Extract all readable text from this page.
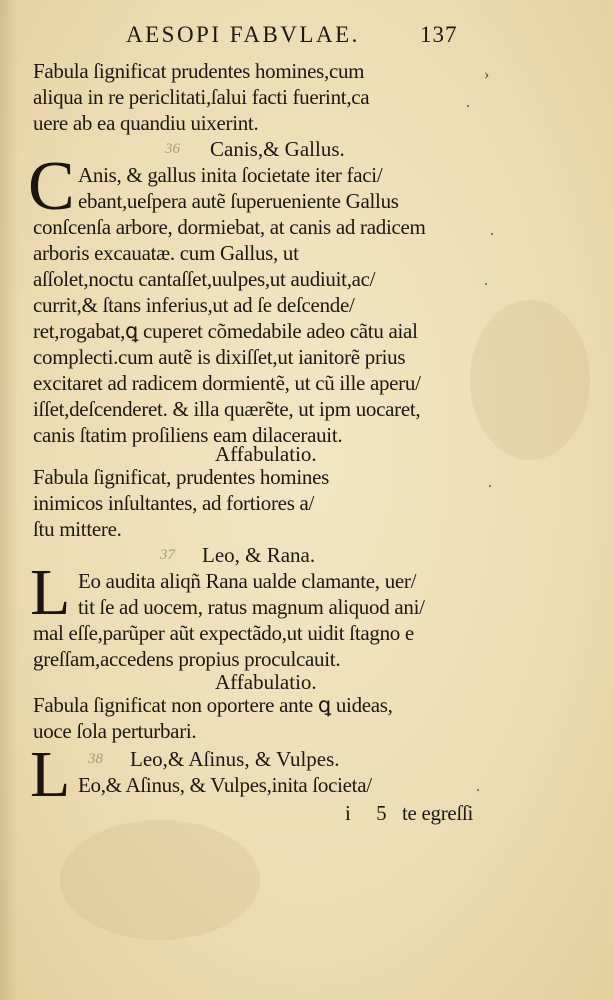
AESOPI FABVLAE.	137
Fabula ſignificat prudentes homines,cum
aliqua in re periclitati,ſalui facti fuerint,ca
uere ab ea quandiu uixerint.
36 Canis,& Gallus.
C Anis, & gallus inita ſocietate iter faci/
ebant,ueſpera autẽ ſuperueniente Gallus
conſcenſa arbore, dormiebat, at canis ad radicem
arboris excauatæ. cum Gallus, ut
aſſolet,noctu cantaſſet,uulpes,ut audiuit,ac/
currit,& ſtans inferius,ut ad ſe deſcende/
ret,rogabat,ꝗ cuperet cõmedabile adeo cãtu aial
complecti.cum autẽ is dixiſſet,ut ianitorẽ prius
excitaret ad radicem dormientẽ, ut cũ ille aperu/
iſſet,deſcenderet. & illa quærẽte, ut ipm uocaret,
canis ſtatim proſiliens eam dilacerauit.
Affabulatio.
Fabula ſignificat, prudentes homines
inimicos inſultantes, ad fortiores a/
ſtu mittere.
37 Leo, & Rana.
L Eo audita aliqñ Rana ualde clamante, uer/
tit ſe ad uocem, ratus magnum aliquod ani/
mal eſſe,parũper aũt expectãdo,ut uidit ſtagno e
greſſam,accedens propius proculcauit.
Affabulatio.
Fabula ſignificat non oportere ante ꝗ uideas,
uoce ſola perturbari.
38 Leo,& Aſinus, & Vulpes.
L Eo,& Aſinus, & Vulpes,inita ſocieta/
i 5 te egreſſi
›
.
.
.
.
.
